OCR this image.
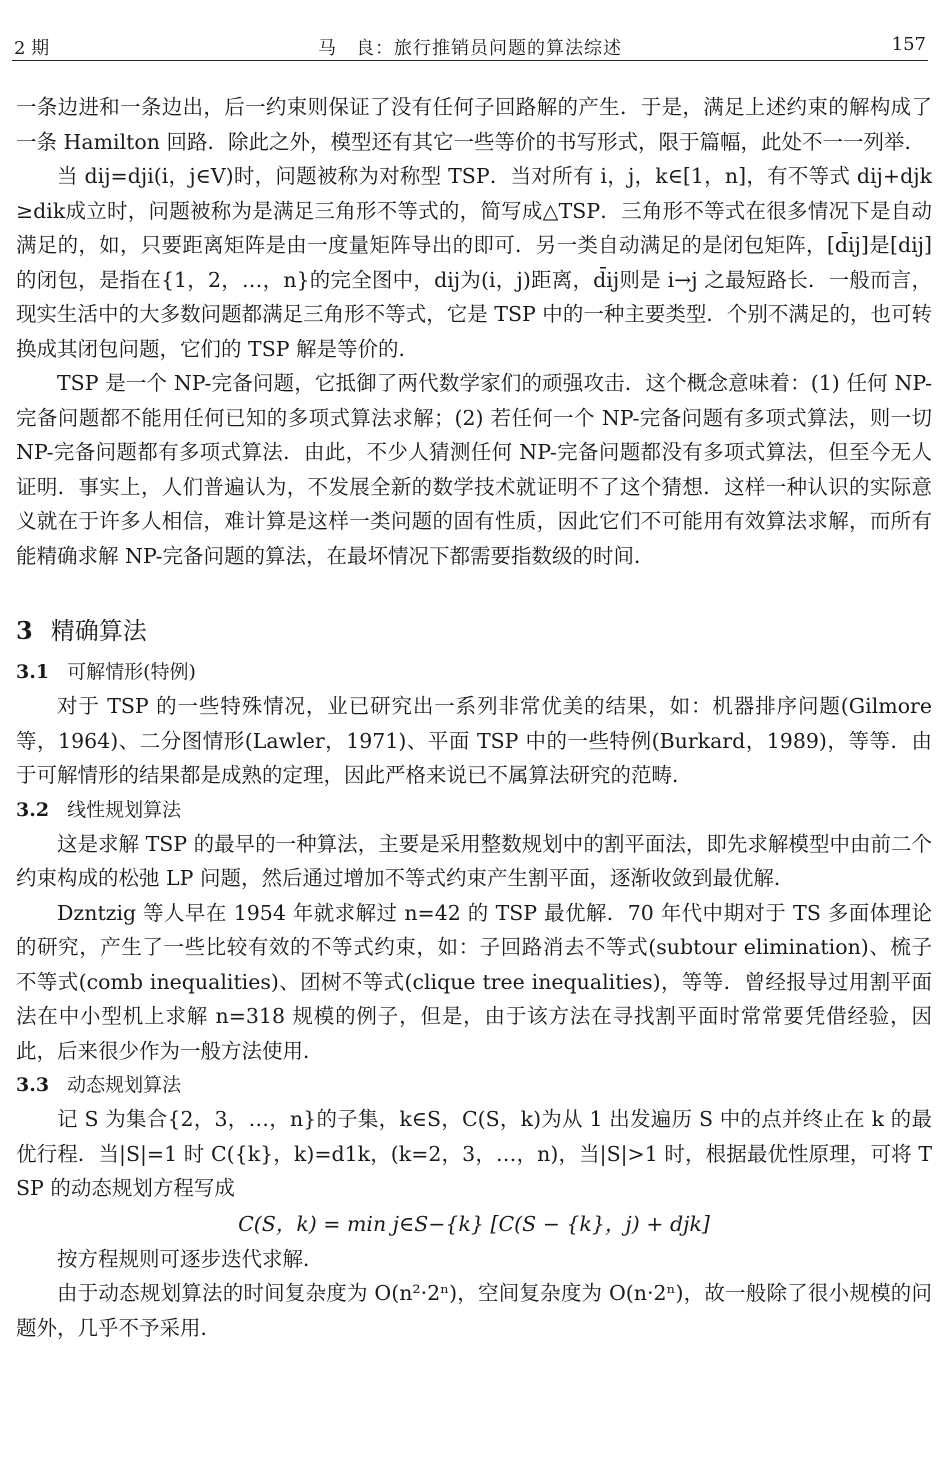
2 期	马　良：旅行推销员问题的算法综述	157

一条边进和一条边出，后一约束则保证了没有任何子回路解的产生．于是，满足上述约束的解构成了一条 Hamilton 回路．除此之外，模型还有其它一些等价的书写形式，限于篇幅，此处不一一列举．

当 dij=dji(i，j∈V)时，问题被称为对称型 TSP．当对所有 i，j，k∈[1，n]，有不等式 dij+djk≥dik成立时，问题被称为是满足三角形不等式的，简写成△TSP．三角形不等式在很多情况下是自动满足的，如，只要距离矩阵是由一度量矩阵导出的即可．另一类自动满足的是闭包矩阵，[d̄ij]是[dij]的闭包，是指在{1，2，…，n}的完全图中，dij为(i，j)距离，d̄ij则是 i→j 之最短路长．一般而言，现实生活中的大多数问题都满足三角形不等式，它是 TSP 中的一种主要类型．个别不满足的，也可转换成其闭包问题，它们的 TSP 解是等价的．

TSP 是一个 NP-完备问题，它抵御了两代数学家们的顽强攻击．这个概念意味着：(1) 任何 NP-完备问题都不能用任何已知的多项式算法求解；(2) 若任何一个 NP-完备问题有多项式算法，则一切 NP-完备问题都有多项式算法．由此，不少人猜测任何 NP-完备问题都没有多项式算法，但至今无人证明．事实上，人们普遍认为，不发展全新的数学技术就证明不了这个猜想．这样一种认识的实际意义就在于许多人相信，难计算是这样一类问题的固有性质，因此它们不可能用有效算法求解，而所有能精确求解 NP-完备问题的算法，在最坏情况下都需要指数级的时间．

3 精确算法
3.1 可解情形(特例)

对于 TSP 的一些特殊情况，业已研究出一系列非常优美的结果，如：机器排序问题(Gilmore 等，1964)、二分图情形(Lawler，1971)、平面 TSP 中的一些特例(Burkard，1989)，等等．由于可解情形的结果都是成熟的定理，因此严格来说已不属算法研究的范畴．

3.2 线性规划算法

这是求解 TSP 的最早的一种算法，主要是采用整数规划中的割平面法，即先求解模型中由前二个约束构成的松弛 LP 问题，然后通过增加不等式约束产生割平面，逐渐收敛到最优解．

Dzntzig 等人早在 1954 年就求解过 n=42 的 TSP 最优解．70 年代中期对于 TS 多面体理论的研究，产生了一些比较有效的不等式约束，如：子回路消去不等式(subtour elimination)、梳子不等式(comb inequalities)、团树不等式(clique tree inequalities)，等等．曾经报导过用割平面法在中小型机上求解 n=318 规模的例子，但是，由于该方法在寻找割平面时常常要凭借经验，因此，后来很少作为一般方法使用．

3.3 动态规划算法

记 S 为集合{2，3，…，n}的子集，k∈S，C(S，k)为从 1 出发遍历 S 中的点并终止在 k 的最优行程．当|S|=1 时 C({k}，k)=d1k，(k=2，3，…，n)，当|S|>1 时，根据最优性原理，可将 TSP 的动态规划方程写成

C(S，k) = min j∈S−{k} [C(S − {k}，j) + djk]

按方程规则可逐步迭代求解．

由于动态规划算法的时间复杂度为 O(n²·2ⁿ)，空间复杂度为 O(n·2ⁿ)，故一般除了很小规模的问题外，几乎不予采用．
